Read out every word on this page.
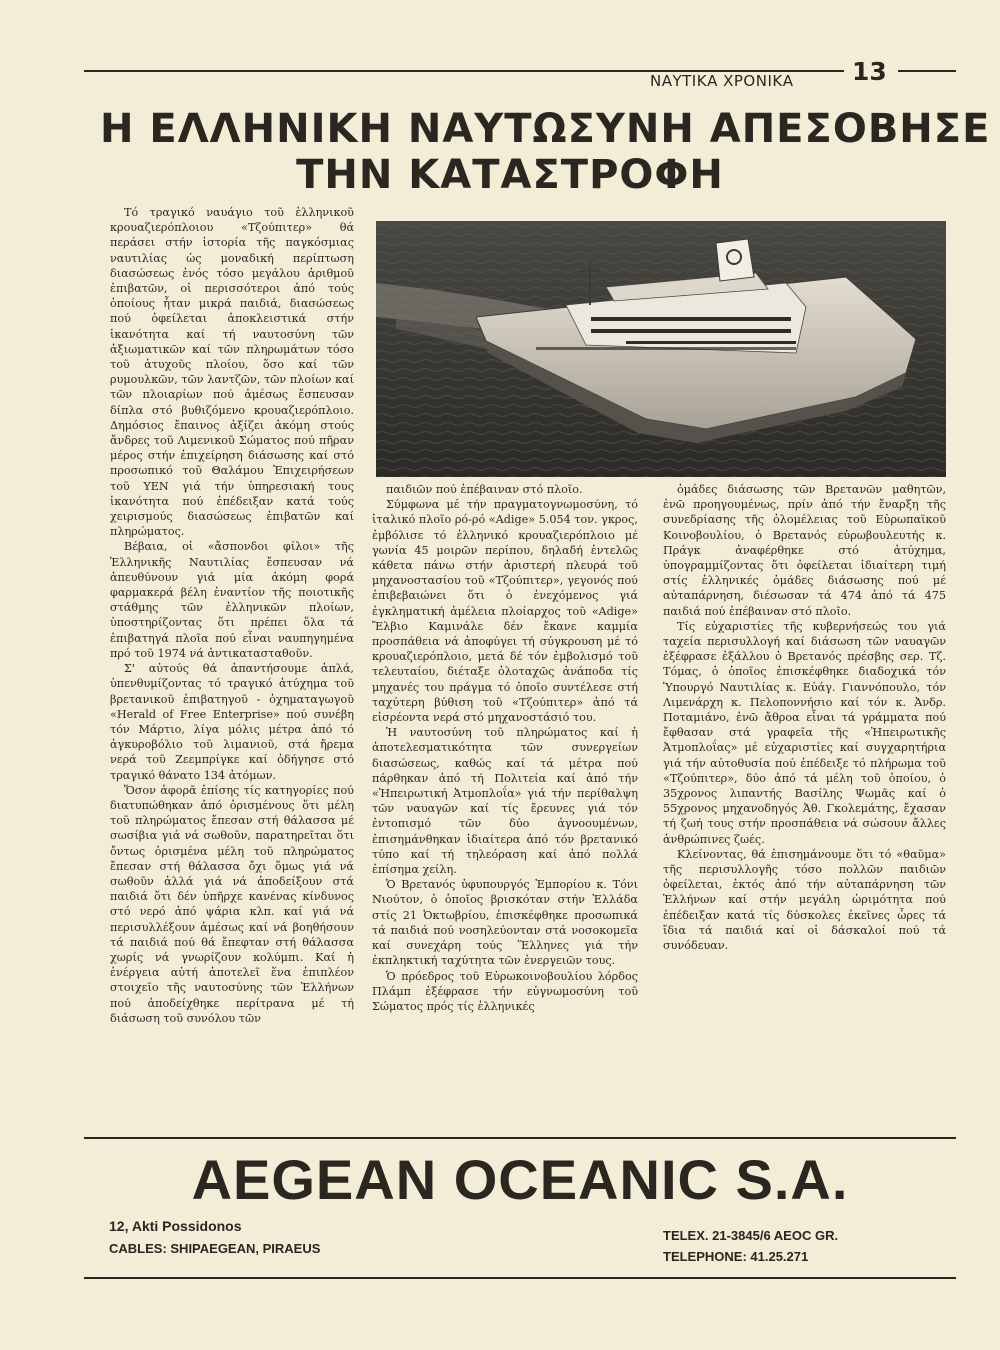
ΝΑΥΤΙΚΑ ΧΡΟΝΙΚΑ 13
Η ΕΛΛΗΝΙΚΗ ΝΑΥΤΩΣΥΝΗ ΑΠΕΣΟΒΗΣΕ
ΤΗΝ ΚΑΤΑΣΤΡΟΦΗ

Τό τραγικό ναυάγιο τοῦ ἑλληνικοῦ κρουαζιερόπλοιου «Τζούπιτερ» θά περάσει στήν ἱστορία τῆς παγκόσμιας ναυτιλίας ὡς μοναδική περίπτωση διασώσεως ἑνός τόσο μεγάλου ἀριθμοῦ ἐπιβατῶν, οἱ περισσότεροι ἀπό τούς ὁποίους ἦταν μικρά παιδιά, διασώσεως πού ὀφείλεται ἀποκλειστικά στήν ἱκανότητα καί τή ναυτοσύνη τῶν ἀξιωματικῶν καί τῶν πληρωμάτων τόσο τοῦ ἀτυχοῦς πλοίου, ὅσο καί τῶν ρυμουλκῶν, τῶν λαντζῶν, τῶν πλοίων καί τῶν πλοιαρίων πού ἀμέσως ἔσπευσαν δίπλα στό βυθιζόμενο κρουαζιερόπλοιο. Δημόσιος ἔπαινος ἀξίζει ἀκόμη στούς ἄνδρες τοῦ Λιμενικοῦ Σώματος πού πῆραν μέρος στήν ἐπιχείρηση διάσωσης καί στό προσωπικό τοῦ Θαλάμου Ἐπιχειρήσεων τοῦ ΥΕΝ γιά τήν ὑπηρεσιακή τους ἱκανότητα πού ἐπέδειξαν κατά τούς χειρισμούς διασώσεως ἐπιβατῶν καί πληρώματος.

Βέβαια, οἱ «ἄσπονδοι φίλοι» τῆς Ἑλληνικῆς Ναυτιλίας ἔσπευσαν νά ἀπευθύνουν γιά μία ἀκόμη φορά φαρμακερά βέλη ἐναντίον τῆς ποιοτικῆς στάθμης τῶν ἑλληνικῶν πλοίων, ὑποστηρίζοντας ὅτι πρέπει ὅλα τά ἐπιβατηγά πλοῖα πού εἶναι ναυπηγημένα πρό τοῦ 1974 νά ἀντικατασταθοῦν.

Σ' αὐτούς θά ἀπαντήσουμε ἁπλά, ὑπενθυμίζοντας τό τραγικό ἀτύχημα τοῦ βρετανικοῦ ἐπιβατηγοῦ - ὀχηματαγωγοῦ «Herald of Free Enterprise» πού συνέβη τόν Μάρτιο, λίγα μόλις μέτρα ἀπό τό ἀγκυροβόλιο τοῦ λιμανιοῦ, στά ἤρεμα νερά τοῦ Ζεεμπρίγκε καί ὁδήγησε στό τραγικό θάνατο 134 ἀτόμων.

Ὅσον ἀφορᾶ ἐπίσης τίς κατηγορίες πού διατυπώθηκαν ἀπό ὁρισμένους ὅτι μέλη τοῦ πληρώματος ἔπεσαν στή θάλασσα μέ σωσίβια γιά νά σωθοῦν, παρατηρεῖται ὅτι ὄντως ὁρισμένα μέλη τοῦ πληρώματος ἔπεσαν στή θάλασσα ὄχι ὅμως γιά νά σωθοῦν ἀλλά γιά νά ἀποδείξουν στά παιδιά ὅτι δέν ὑπῆρχε κανένας κίνδυνος στό νερό ἀπό ψάρια κλπ. καί γιά νά περισυλλέξουν ἀμέσως καί νά βοηθήσουν τά παιδιά πού θά ἔπεφταν στή θάλασσα χωρίς νά γνωρίζουν κολύμπι. Καί ἡ ἐνέργεια αὐτή ἀποτελεῖ ἕνα ἐπιπλέον στοιχεῖο τῆς ναυτοσύνης τῶν Ἑλλήνων πού ἀποδείχθηκε περίτρανα μέ τή διάσωση τοῦ συνόλου τῶν

παιδιῶν πού ἐπέβαιναν στό πλοῖο.

Σύμφωνα μέ τήν πραγματογνωμοσύνη, τό ἰταλικό πλοῖο ρό-ρό «Adige» 5.054 τον. γκρος, ἐμβόλισε τό ἑλληνικό κρουαζιερόπλοιο μέ γωνία 45 μοιρῶν περίπου, δηλαδή ἐντελῶς κάθετα πάνω στήν ἀριστερή πλευρά τοῦ μηχανοστασίου τοῦ «Τζούπιτερ», γεγονός πού ἐπιβεβαιώνει ὅτι ὁ ἐνεχόμενος γιά ἐγκληματική ἀμέλεια πλοίαρχος τοῦ «Adige» Ἔλβιο Καμινάλε δέν ἔκανε καμμία προσπάθεια νά ἀποφύγει τή σύγκρουση μέ τό κρουαζιερόπλοιο, μετά δέ τόν ἐμβολισμό τοῦ τελευταίου, διέταξε ὁλοταχῶς ἀνάποδα τίς μηχανές του πράγμα τό ὁποῖο συντέλεσε στή ταχύτερη βύθιση τοῦ «Τζούπιτερ» ἀπό τά εἰσρέοντα νερά στό μηχανοστάσιό του.

Ἡ ναυτοσύνη τοῦ πληρώματος καί ἡ ἀποτελεσματικότητα τῶν συνεργείων διασώσεως, καθώς καί τά μέτρα πού πάρθηκαν ἀπό τή Πολιτεία καί ἀπό τήν «Ἠπειρωτική Ἀτμοπλοΐα» γιά τήν περίθαλψη τῶν ναυαγῶν καί τίς ἔρευνες γιά τόν ἐντοπισμό τῶν δύο ἀγνοουμένων, ἐπισημάνθηκαν ἰδιαίτερα ἀπό τόν βρετανικό τύπο καί τή τηλεόραση καί ἀπό πολλά ἐπίσημα χείλη.

Ὁ Βρετανός ὑφυπουργός Ἐμπορίου κ. Τόνι Νιούτον, ὁ ὁποῖος βρισκόταν στήν Ἑλλάδα στίς 21 Ὀκτωβρίου, ἐπισκέφθηκε προσωπικά τά παιδιά πού νοσηλεύονταν στά νοσοκομεῖα καί συνεχάρη τούς Ἕλληνες γιά τήν ἐκπληκτική ταχύτητα τῶν ἐνεργειῶν τους.

Ὁ πρόεδρος τοῦ Εὐρωκοινοβουλίου λόρδος Πλάμπ ἐξέφρασε τήν εὐγνωμοσύνη τοῦ Σώματος πρός τίς ἑλληνικές

ὁμάδες διάσωσης τῶν Βρετανῶν μαθητῶν, ἐνῶ προηγουμένως, πρίν ἀπό τήν ἔναρξη τῆς συνεδρίασης τῆς ὁλομέλειας τοῦ Εὐρωπαϊκοῦ Κοινοβουλίου, ὁ Βρετανός εὐρωβουλευτής κ. Πράγκ ἀναφέρθηκε στό ἀτύχημα, ὑπογραμμίζοντας ὅτι ὀφείλεται ἰδιαίτερη τιμή στίς ἑλληνικές ὁμάδες διάσωσης πού μέ αὐταπάρνηση, διέσωσαν τά 474 ἀπό τά 475 παιδιά πού ἐπέβαιναν στό πλοῖο.

Τίς εὐχαριστίες τῆς κυβερνήσεώς του γιά ταχεία περισυλλογή καί διάσωση τῶν ναυαγῶν ἐξέφρασε ἐξάλλου ὁ Βρετανός πρέσβης σερ. Τζ. Τόμας, ὁ ὁποῖος ἐπισκέφθηκε διαδοχικά τόν Ὑπουργό Ναυτιλίας κ. Εὐάγ. Γιαννόπουλο, τόν Λιμενάρχη κ. Πελοποννήσιο καί τόν κ. Ἀνδρ. Ποταμιάνο, ἐνῶ ἄθροα εἶναι τά γράμματα πού ἔφθασαν στά γραφεῖα τῆς «Ἠπειρωτικῆς Ἀτμοπλοΐας» μέ εὐχαριστίες καί συγχαρητήρια γιά τήν αὐτοθυσία πού ἐπέδειξε τό πλήρωμα τοῦ «Τζούπιτερ», δύο ἀπό τά μέλη τοῦ ὁποίου, ὁ 35χρονος λιπαντής Βασίλης Ψωμᾶς καί ὁ 55χρονος μηχανοδηγός Ἀθ. Γκολεμάτης, ἔχασαν τή ζωή τους στήν προσπάθεια νά σώσουν ἄλλες ἀνθρώπινες ζωές.

Κλείνοντας, θά ἐπισημάνουμε ὅτι τό «θαῦμα» τῆς περισυλλογῆς τόσο πολλῶν παιδιῶν ὀφείλεται, ἐκτός ἀπό τήν αὐταπάρνηση τῶν Ἑλλήνων καί στήν μεγάλη ὡριμότητα πού ἐπέδειξαν κατά τίς δύσκολες ἐκεῖνες ὧρες τά ἴδια τά παιδιά καί οἱ δάσκαλοί πού τά συνόδευαν.

AEGEAN OCEANIC S.A.
12, Akti Possidonos
CABLES: SHIPAEGEAN, PIRAEUS
TELEX. 21-3845/6 AEOC GR.
TELEPHONE: 41.25.271
